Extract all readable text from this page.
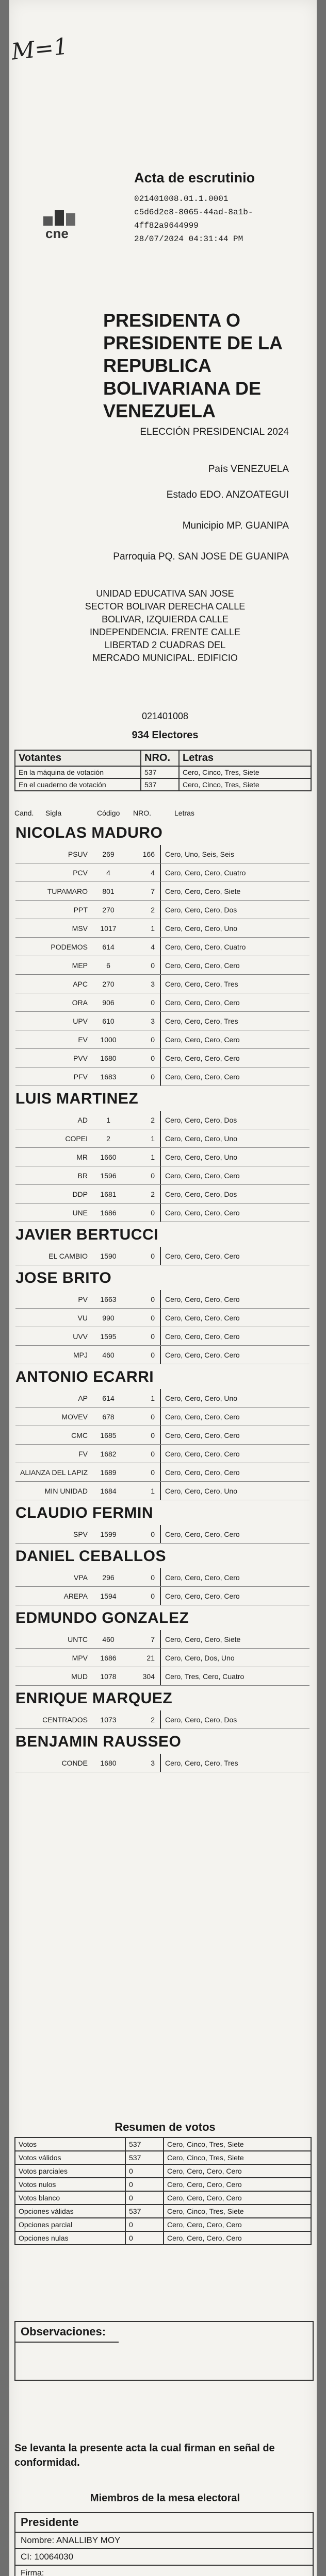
M=1
cne
Acta de escrutinio
021401008.01.1.0001
c5d6d2e8-8065-44ad-8a1b-
4ff82a9644999
28/07/2024 04:31:44 PM
PRESIDENTA O PRESIDENTE DE LA REPUBLICA BOLIVARIANA DE VENEZUELA
ELECCIÓN PRESIDENCIAL 2024
País VENEZUELA
Estado EDO. ANZOATEGUI
Municipio MP. GUANIPA
Parroquia PQ. SAN JOSE DE GUANIPA
UNIDAD EDUCATIVA SAN JOSE
SECTOR BOLIVAR DERECHA CALLE
BOLIVAR, IZQUIERDA CALLE
INDEPENDENCIA. FRENTE CALLE
LIBERTAD 2 CUADRAS DEL
MERCADO MUNICIPAL. EDIFICIO
021401008
934 Electores
Votantes	NRO.	Letras
En la máquina de votación	537	Cero, Cinco, Tres, Siete
En el cuaderno de votación	537	Cero, Cinco, Tres, Siete
Cand.	Sigla	Código	NRO.	Letras
NICOLAS MADURO
PSUV	269	166	Cero, Uno, Seis, Seis
PCV	4	4	Cero, Cero, Cero, Cuatro
TUPAMARO	801	7	Cero, Cero, Cero, Siete
PPT	270	2	Cero, Cero, Cero, Dos
MSV	1017	1	Cero, Cero, Cero, Uno
PODEMOS	614	4	Cero, Cero, Cero, Cuatro
MEP	6	0	Cero, Cero, Cero, Cero
APC	270	3	Cero, Cero, Cero, Tres
ORA	906	0	Cero, Cero, Cero, Cero
UPV	610	3	Cero, Cero, Cero, Tres
EV	1000	0	Cero, Cero, Cero, Cero
PVV	1680	0	Cero, Cero, Cero, Cero
PFV	1683	0	Cero, Cero, Cero, Cero
LUIS MARTINEZ
AD	1	2	Cero, Cero, Cero, Dos
COPEI	2	1	Cero, Cero, Cero, Uno
MR	1660	1	Cero, Cero, Cero, Uno
BR	1596	0	Cero, Cero, Cero, Cero
DDP	1681	2	Cero, Cero, Cero, Dos
UNE	1686	0	Cero, Cero, Cero, Cero
JAVIER BERTUCCI
EL CAMBIO	1590	0	Cero, Cero, Cero, Cero
JOSE BRITO
PV	1663	0	Cero, Cero, Cero, Cero
VU	990	0	Cero, Cero, Cero, Cero
UVV	1595	0	Cero, Cero, Cero, Cero
MPJ	460	0	Cero, Cero, Cero, Cero
ANTONIO ECARRI
AP	614	1	Cero, Cero, Cero, Uno
MOVEV	678	0	Cero, Cero, Cero, Cero
CMC	1685	0	Cero, Cero, Cero, Cero
FV	1682	0	Cero, Cero, Cero, Cero
ALIANZA DEL LAPIZ	1689	0	Cero, Cero, Cero, Cero
MIN UNIDAD	1684	1	Cero, Cero, Cero, Uno
CLAUDIO FERMIN
SPV	1599	0	Cero, Cero, Cero, Cero
DANIEL CEBALLOS
VPA	296	0	Cero, Cero, Cero, Cero
AREPA	1594	0	Cero, Cero, Cero, Cero
EDMUNDO GONZALEZ
UNTC	460	7	Cero, Cero, Cero, Siete
MPV	1686	21	Cero, Cero, Dos, Uno
MUD	1078	304	Cero, Tres, Cero, Cuatro
ENRIQUE MARQUEZ
CENTRADOS	1073	2	Cero, Cero, Cero, Dos
BENJAMIN RAUSSEO
CONDE	1680	3	Cero, Cero, Cero, Tres
Resumen de votos
Votos	537	Cero, Cinco, Tres, Siete
Votos válidos	537	Cero, Cinco, Tres, Siete
Votos parciales	0	Cero, Cero, Cero, Cero
Votos nulos	0	Cero, Cero, Cero, Cero
Votos blanco	0	Cero, Cero, Cero, Cero
Opciones válidas	537	Cero, Cinco, Tres, Siete
Opciones parcial	0	Cero, Cero, Cero, Cero
Opciones nulas	0	Cero, Cero, Cero, Cero
Observaciones:
Se levanta la presente acta la cual firman en señal de conformidad.
Miembros de la mesa electoral
Presidente
Nombre: ANALLIBY MOY
CI: 10064030
Firma:
